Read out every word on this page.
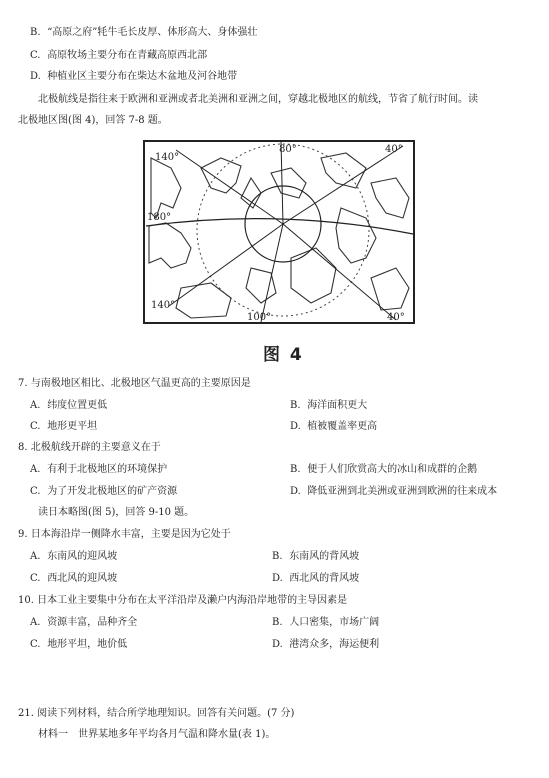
B. “高原之府”牦牛毛长皮厚、体形高大、身体强壮
C. 高原牧场主要分布在青藏高原西北部
D. 种植业区主要分布在柴达木盆地及河谷地带
北极航线是指往来于欧洲和亚洲或者北美洲和亚洲之间，穿越北极地区的航线，节省了航行时间。读
北极地区图(图 4)，回答 7-8 题。
140°
80°	40°
180°
140°
100°	40°
图 4
7. 与南极地区相比、北极地区气温更高的主要原因是
A. 纬度位置更低	B. 海洋面积更大
C. 地形更平坦	D. 植被覆盖率更高
8. 北极航线开辟的主要意义在于
A. 有利于北极地区的环境保护	B. 便于人们欣赏高大的冰山和成群的企鹅
C. 为了开发北极地区的矿产资源	D. 降低亚洲到北美洲或亚洲到欧洲的往来成本
读日本略图(图 5)，回答 9-10 题。
9. 日本海沿岸一侧降水丰富，主要是因为它处于
A. 东南风的迎风坡	B. 东南风的背风坡
C. 西北风的迎风坡	D. 西北风的背风坡
10. 日本工业主要集中分布在太平洋沿岸及濑户内海沿岸地带的主导因素是
A. 资源丰富，品种齐全	B. 人口密集，市场广阔
C. 地形平坦，地价低	D. 港湾众多，海运便利
21. 阅读下列材料，结合所学地理知识。回答有关问题。(7 分)
材料一　世界某地多年平均各月气温和降水量(表 1)。
